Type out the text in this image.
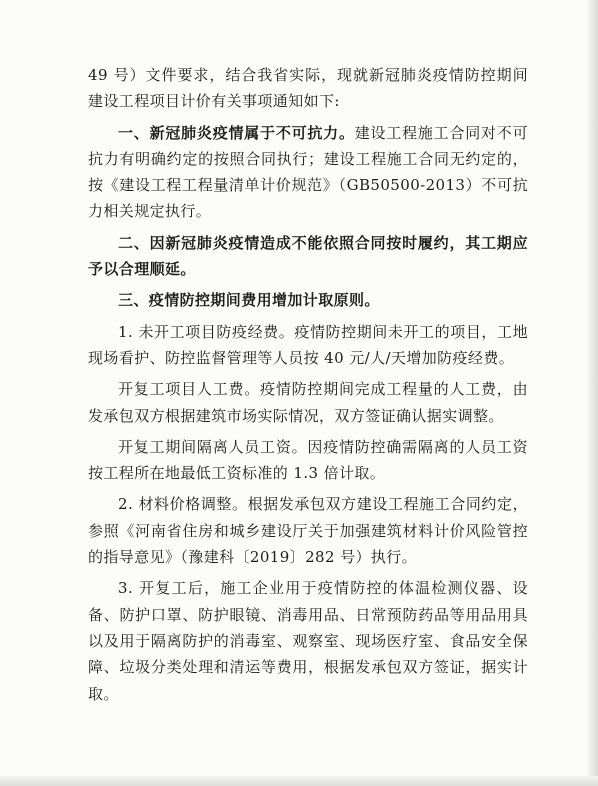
49 号）文件要求，结合我省实际，现就新冠肺炎疫情防控期间建设工程项目计价有关事项通知如下:

一、新冠肺炎疫情属于不可抗力。建设工程施工合同对不可抗力有明确约定的按照合同执行；建设工程施工合同无约定的，按《建设工程工程量清单计价规范》（GB50500-2013）不可抗力相关规定执行。

二、因新冠肺炎疫情造成不能依照合同按时履约，其工期应予以合理顺延。

三、疫情防控期间费用增加计取原则。

1. 未开工项目防疫经费。疫情防控期间未开工的项目，工地现场看护、防控监督管理等人员按 40 元/人/天增加防疫经费。

开复工项目人工费。疫情防控期间完成工程量的人工费，由发承包双方根据建筑市场实际情况，双方签证确认据实调整。

开复工期间隔离人员工资。因疫情防控确需隔离的人员工资按工程所在地最低工资标准的 1.3 倍计取。

2. 材料价格调整。根据发承包双方建设工程施工合同约定，参照《河南省住房和城乡建设厅关于加强建筑材料计价风险管控的指导意见》（豫建科〔2019〕282 号）执行。

3. 开复工后，施工企业用于疫情防控的体温检测仪器、设备、防护口罩、防护眼镜、消毒用品、日常预防药品等用品用具以及用于隔离防护的消毒室、观察室、现场医疗室、食品安全保障、垃圾分类处理和清运等费用，根据发承包双方签证，据实计取。
